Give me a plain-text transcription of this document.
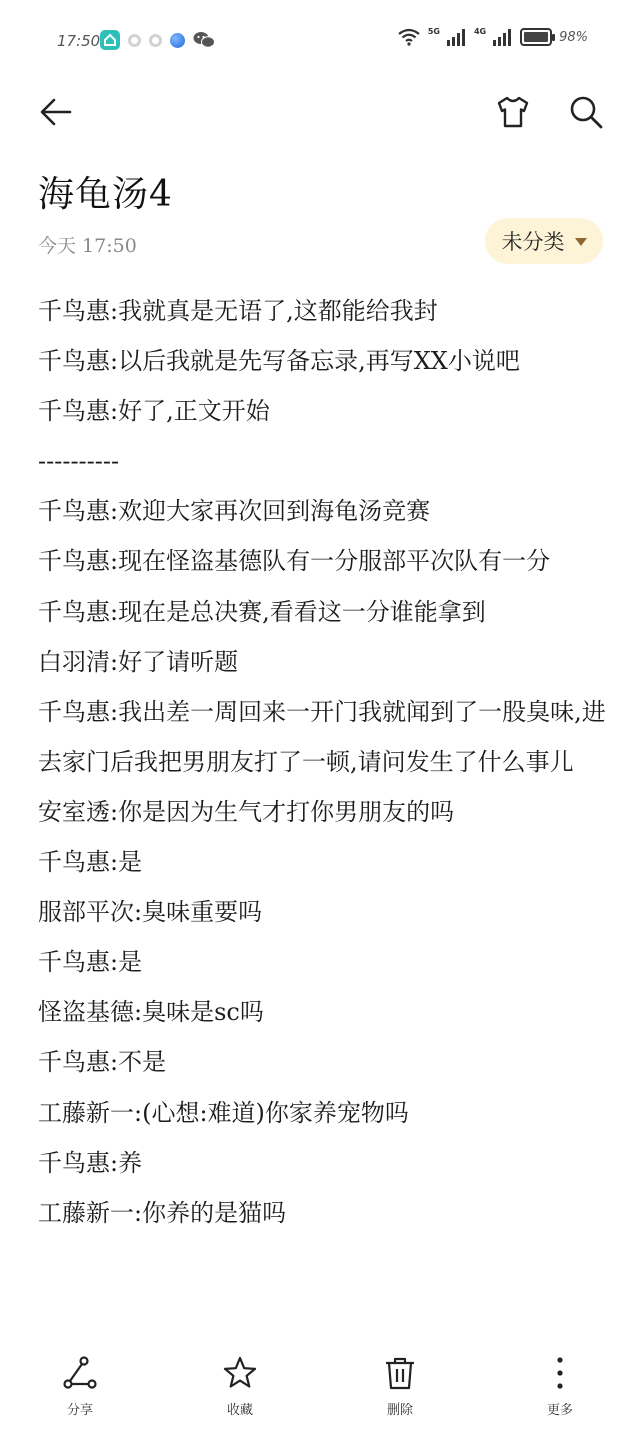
17:50
5G	4G	98%
海龟汤4
今天 17:50	未分类
千鸟惠:我就真是无语了,这都能给我封
千鸟惠:以后我就是先写备忘录,再写XX小说吧
千鸟惠:好了,正文开始
----------
千鸟惠:欢迎大家再次回到海龟汤竞赛
千鸟惠:现在怪盗基德队有一分服部平次队有一分
千鸟惠:现在是总决赛,看看这一分谁能拿到
白羽清:好了请听题
千鸟惠:我出差一周回来一开门我就闻到了一股臭味,进去家门后我把男朋友打了一顿,请问发生了什么事儿
安室透:你是因为生气才打你男朋友的吗
千鸟惠:是
服部平次:臭味重要吗
千鸟惠:是
怪盗基德:臭味是sc吗
千鸟惠:不是
工藤新一:(心想:难道)你家养宠物吗
千鸟惠:养
工藤新一:你养的是猫吗
分享	收藏	删除	更多
